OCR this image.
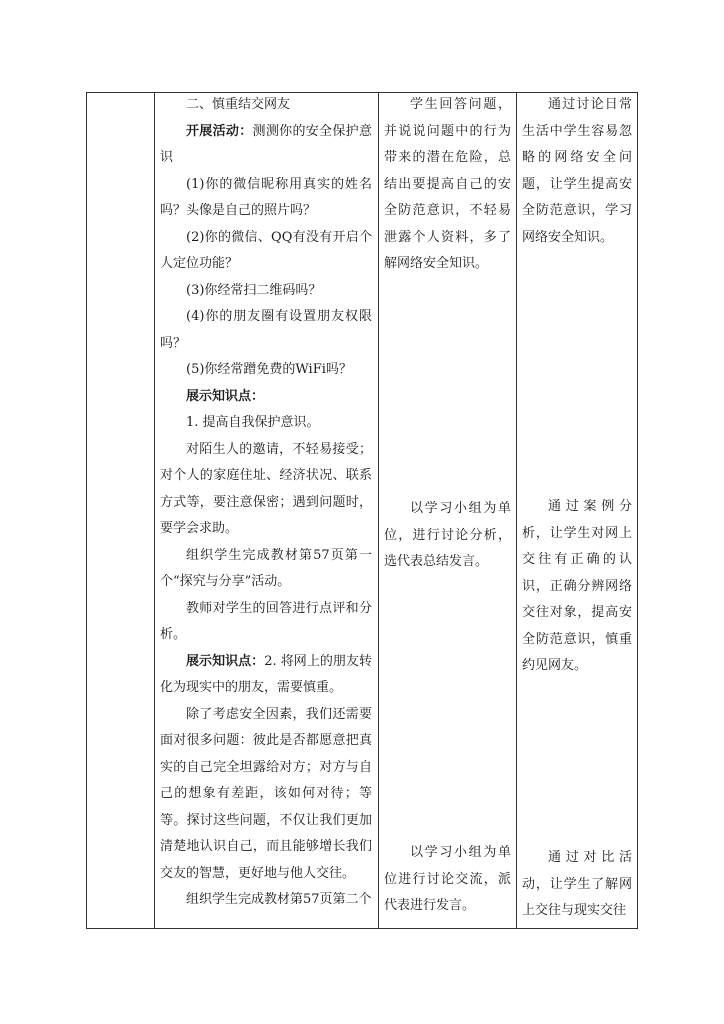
二、慎重结交网友

开展活动：测测你的安全保护意识

(1)你的微信昵称用真实的姓名吗？头像是自己的照片吗？

(2)你的微信、QQ有没有开启个人定位功能？

(3)你经常扫二维码吗？

(4)你的朋友圈有设置朋友权限吗？

(5)你经常蹭免费的WiFi吗？

展示知识点：

1. 提高自我保护意识。

对陌生人的邀请，不轻易接受；对个人的家庭住址、经济状况、联系方式等，要注意保密；遇到问题时，要学会求助。

组织学生完成教材第57页第一个“探究与分享”活动。

教师对学生的回答进行点评和分析。

展示知识点：2. 将网上的朋友转化为现实中的朋友，需要慎重。

除了考虑安全因素，我们还需要面对很多问题：彼此是否都愿意把真实的自己完全坦露给对方；对方与自己的想象有差距，该如何对待；等等。探讨这些问题，不仅让我们更加清楚地认识自己，而且能够增长我们交友的智慧，更好地与他人交往。

组织学生完成教材第57页第二个

学生回答问题，并说说问题中的行为带来的潜在危险，总结出要提高自己的安全防范意识，不轻易泄露个人资料，多了解网络安全知识。

以学习小组为单位，进行讨论分析，选代表总结发言。

以学习小组为单位进行讨论交流，派代表进行发言。

通过讨论日常生活中学生容易忽略的网络安全问题，让学生提高安全防范意识，学习网络安全知识。

通过案例分析，让学生对网上交往有正确的认识，正确分辨网络交往对象，提高安全防范意识，慎重约见网友。

通过对比活动，让学生了解网上交往与现实交往
